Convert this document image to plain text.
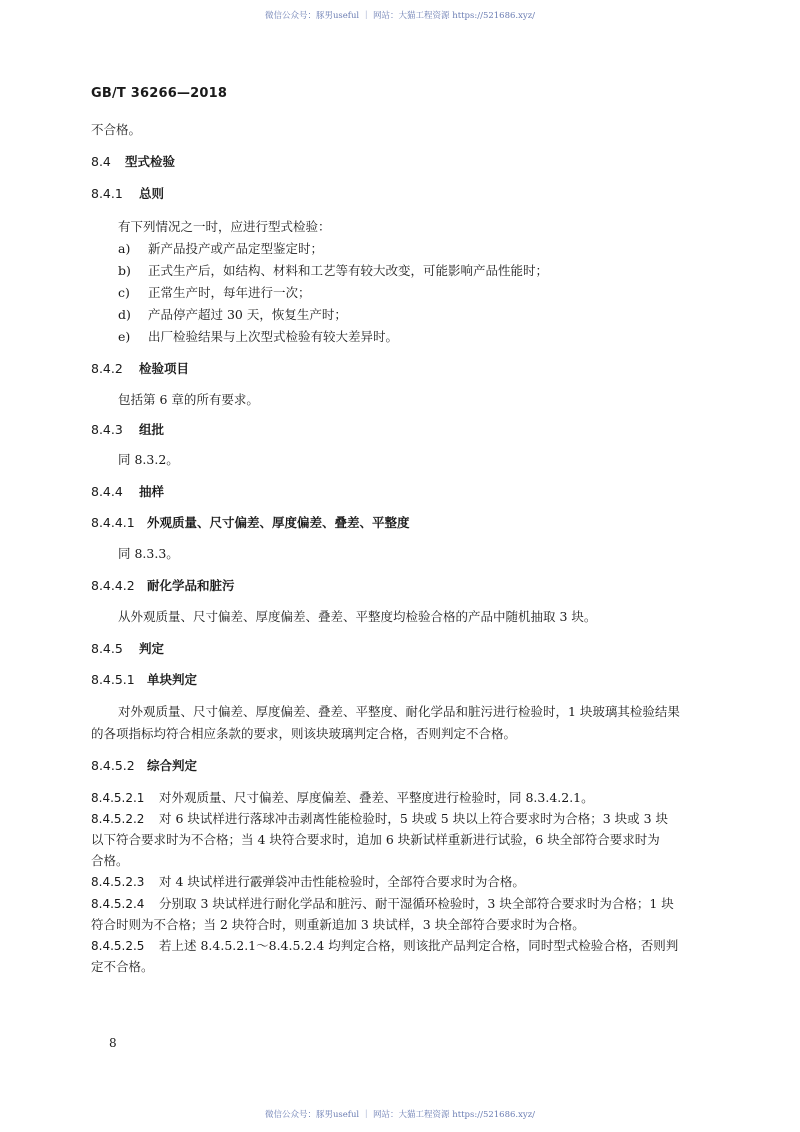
微信公众号：豚男useful ｜ 网站：大猫工程资源 https://521686.xyz/
GB/T 36266—2018
不合格。
8.4 型式检验
8.4.1 总则
有下列情况之一时，应进行型式检验：
a) 新产品投产或产品定型鉴定时；
b) 正式生产后，如结构、材料和工艺等有较大改变，可能影响产品性能时；
c) 正常生产时，每年进行一次；
d) 产品停产超过 30 天，恢复生产时；
e) 出厂检验结果与上次型式检验有较大差异时。
8.4.2 检验项目
包括第 6 章的所有要求。
8.4.3 组批
同 8.3.2。
8.4.4 抽样
8.4.4.1 外观质量、尺寸偏差、厚度偏差、叠差、平整度
同 8.3.3。
8.4.4.2 耐化学品和脏污
从外观质量、尺寸偏差、厚度偏差、叠差、平整度均检验合格的产品中随机抽取 3 块。
8.4.5 判定
8.4.5.1 单块判定
对外观质量、尺寸偏差、厚度偏差、叠差、平整度、耐化学品和脏污进行检验时，1 块玻璃其检验结果
的各项指标均符合相应条款的要求，则该块玻璃判定合格，否则判定不合格。
8.4.5.2 综合判定
8.4.5.2.1 对外观质量、尺寸偏差、厚度偏差、叠差、平整度进行检验时，同 8.3.4.2.1。
8.4.5.2.2 对 6 块试样进行落球冲击剥离性能检验时，5 块或 5 块以上符合要求时为合格；3 块或 3 块
以下符合要求时为不合格；当 4 块符合要求时，追加 6 块新试样重新进行试验，6 块全部符合要求时为
合格。
8.4.5.2.3 对 4 块试样进行霰弹袋冲击性能检验时，全部符合要求时为合格。
8.4.5.2.4 分别取 3 块试样进行耐化学品和脏污、耐干湿循环检验时，3 块全部符合要求时为合格；1 块
符合时则为不合格；当 2 块符合时，则重新追加 3 块试样，3 块全部符合要求时为合格。
8.4.5.2.5 若上述 8.4.5.2.1～8.4.5.2.4 均判定合格，则该批产品判定合格，同时型式检验合格，否则判
定不合格。
8
微信公众号：豚男useful ｜ 网站：大猫工程资源 https://521686.xyz/
